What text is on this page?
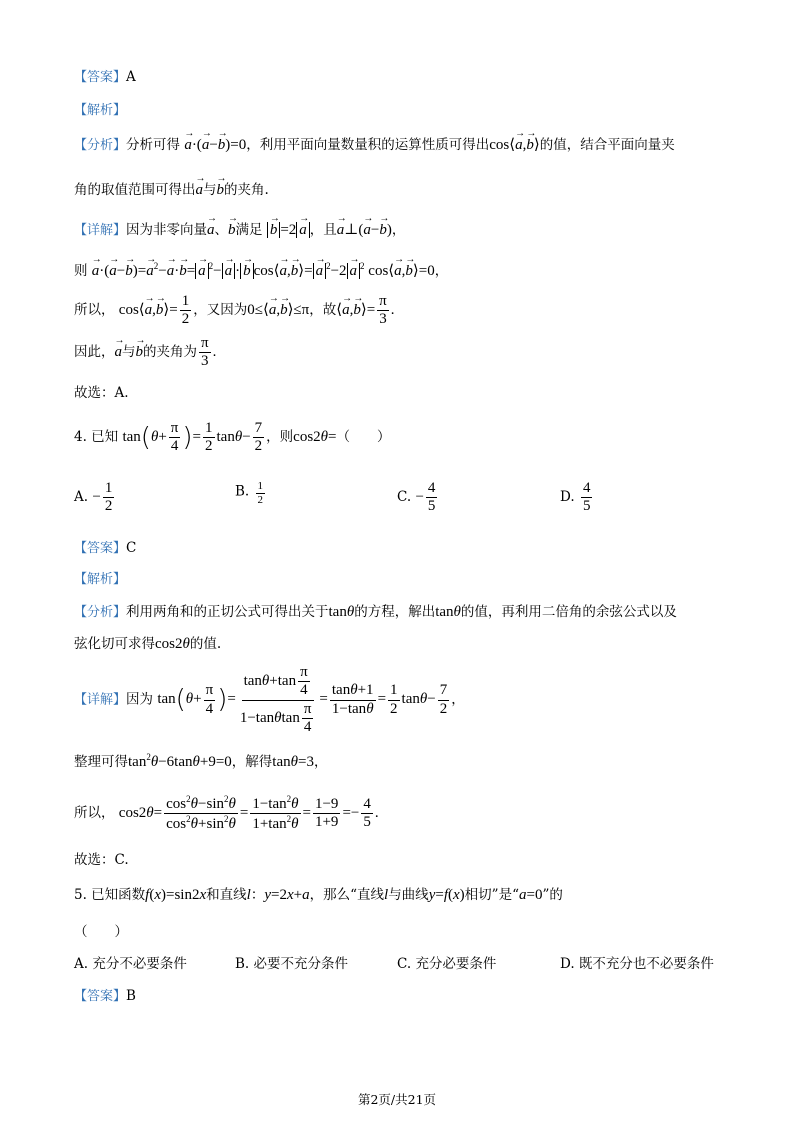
【答案】A
【解析】
【分析】分析可得 → a·(→ a−→ b)=0，利用平面向量数量积的运算性质可得出cos⟨→ a,→ b⟩的值，结合平面向量夹
角的取值范围可得出→ a与→ b的夹角.
【详解】因为非零向量→ a、→ b满足 → b =2 → a ，且→ a⊥(→ a−→ b)，
则 → $a\cdot(\to a-\to b)=\to a^2-\to a\cdot\to b= \to a$ $^2$− → a · → b cos⟨→ a,→ b⟩= → a $^2$−2 → a $^2$ cos⟨→ a,→ b⟩=0，
所以， cos⟨→ a,→ b⟩= $\frac{1}{2}$ ，又因为0≤⟨→ a,→ b⟩≤π，故⟨→ a,→ b⟩= $\frac{\pi}{3}$ .
因此，→ a与→ b的夹角为 $\frac{\pi}{3}$ .
故选：A.
4. 已知 $\tan(\theta+ \frac{\pi}{4}$ )= $\frac{1}{2} \tan\theta- \frac{7}{2}$ ，则cos2θ=（　　）
A. − $\frac{1}{2}$	B. $\frac{1}{2}$	C. − $\frac{4}{5}$	D. $\frac{4}{5}$
【答案】C
【解析】
【分析】利用两角和的正切公式可得出关于tanθ的方程，解出tanθ的值，再利用二倍角的余弦公式以及
弦化切可求得cos2θ的值.
【详解】因为 $\tan(\theta+ \frac{\pi}{4}$ )= $\frac{\tan\theta+\tan \frac{\pi}{4}}{1-\tan\theta\tan \frac{\pi}{4}} = \frac{\tan\theta+1}{1-\tan\theta} = \frac{1}{2} \tan\theta- \frac{7}{2}$ ，
整理可得$\tan^2\theta-6\tan\theta+9=0$，解得tanθ=3，
所以， $\cos 2\theta= \frac{\cos^2\theta-\sin^2\theta}{\cos^2\theta+\sin^2\theta} = \frac{1-\tan^2\theta}{1+\tan^2\theta} = \frac{1-9}{1+9} =- \frac{4}{5}$ .
故选：C.
5. 已知函数f(x)=sin2x和直线l：y=2x+a，那么“直线l与曲线y=f(x)相切”是“a=0”的
（　　）
A. 充分不必要条件	B. 必要不充分条件	C. 充分必要条件	D. 既不充分也不必要条件
【答案】B
第2页/共21页
